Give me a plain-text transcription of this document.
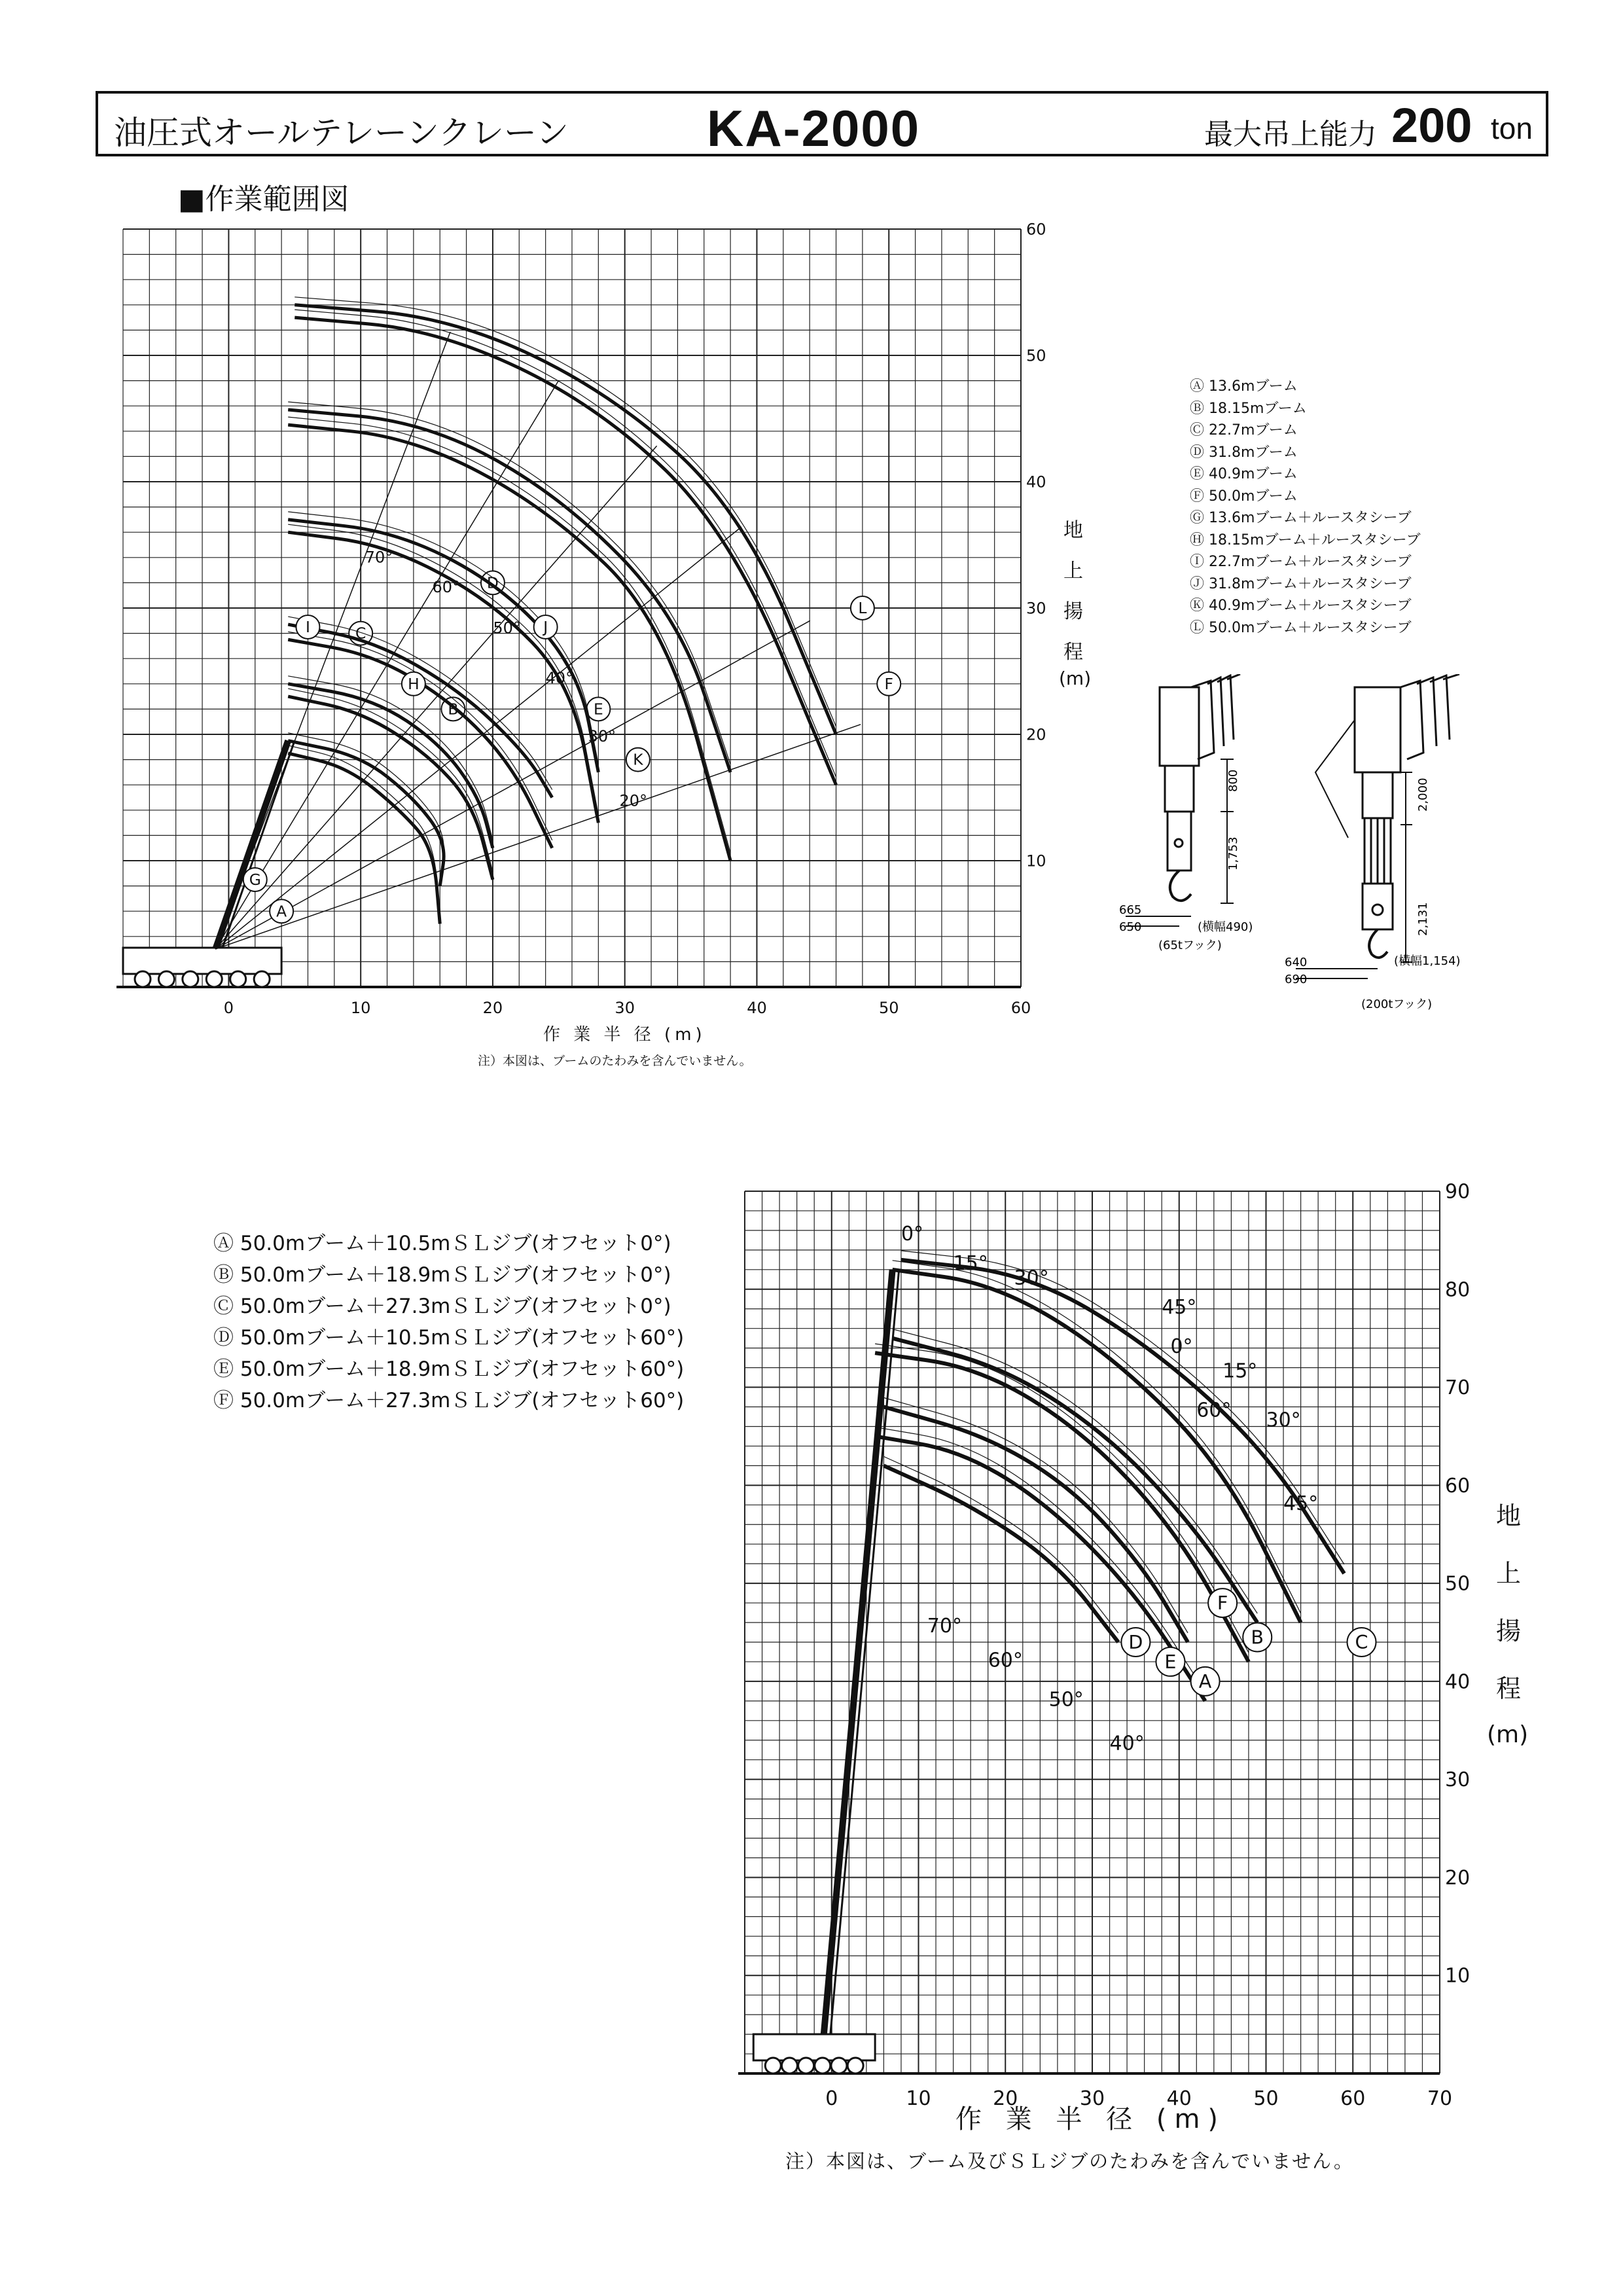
油圧式オールテレーンクレーン	KA-2000	最大吊上能力 200 ton
■作業範囲図
0	10	20	30	40	50	60
10
20
30
40
50
60
70°
60°
50°
40°
30°
20°
A
B
C
D
E
F
G
H
I	J
K
L
地
上
揚
程
(m)
作 業 半 径 (m)
注）本図は、ブームのたわみを含んでいません。
Ⓐ 13.6mブーム
Ⓑ 18.15mブーム
Ⓒ 22.7mブーム
Ⓓ 31.8mブーム
Ⓔ 40.9mブーム
Ⓕ 50.0mブーム
Ⓖ 13.6mブーム＋ルースタシーブ
Ⓗ 18.15mブーム＋ルースタシーブ
Ⓘ 22.7mブーム＋ルースタシーブ
Ⓙ 31.8mブーム＋ルースタシーブ
Ⓚ 40.9mブーム＋ルースタシーブ
Ⓛ 50.0mブーム＋ルースタシーブ
800
1,753
665
650	(横幅490)
(65tフック)
2,000
2,131
640
690
(横幅1,154)
(200tフック)
0	10	20	30	40	50	60	70
10
20
30
40
50
60
70
80
90
A
B	C
D
E
F
0°
15°
30°
45°
60°
0°
15°
30°
45°
70°
60°
50°
40°
Ⓐ 50.0mブーム＋10.5mＳＬジブ(オフセット0°)
Ⓑ 50.0mブーム＋18.9mＳＬジブ(オフセット0°)
Ⓒ 50.0mブーム＋27.3mＳＬジブ(オフセット0°)
Ⓓ 50.0mブーム＋10.5mＳＬジブ(オフセット60°)
Ⓔ 50.0mブーム＋18.9mＳＬジブ(オフセット60°)
Ⓕ 50.0mブーム＋27.3mＳＬジブ(オフセット60°)
地
上
揚
程
(m)
作 業 半 径 (m)
注）本図は、ブーム及びＳＬジブのたわみを含んでいません。
